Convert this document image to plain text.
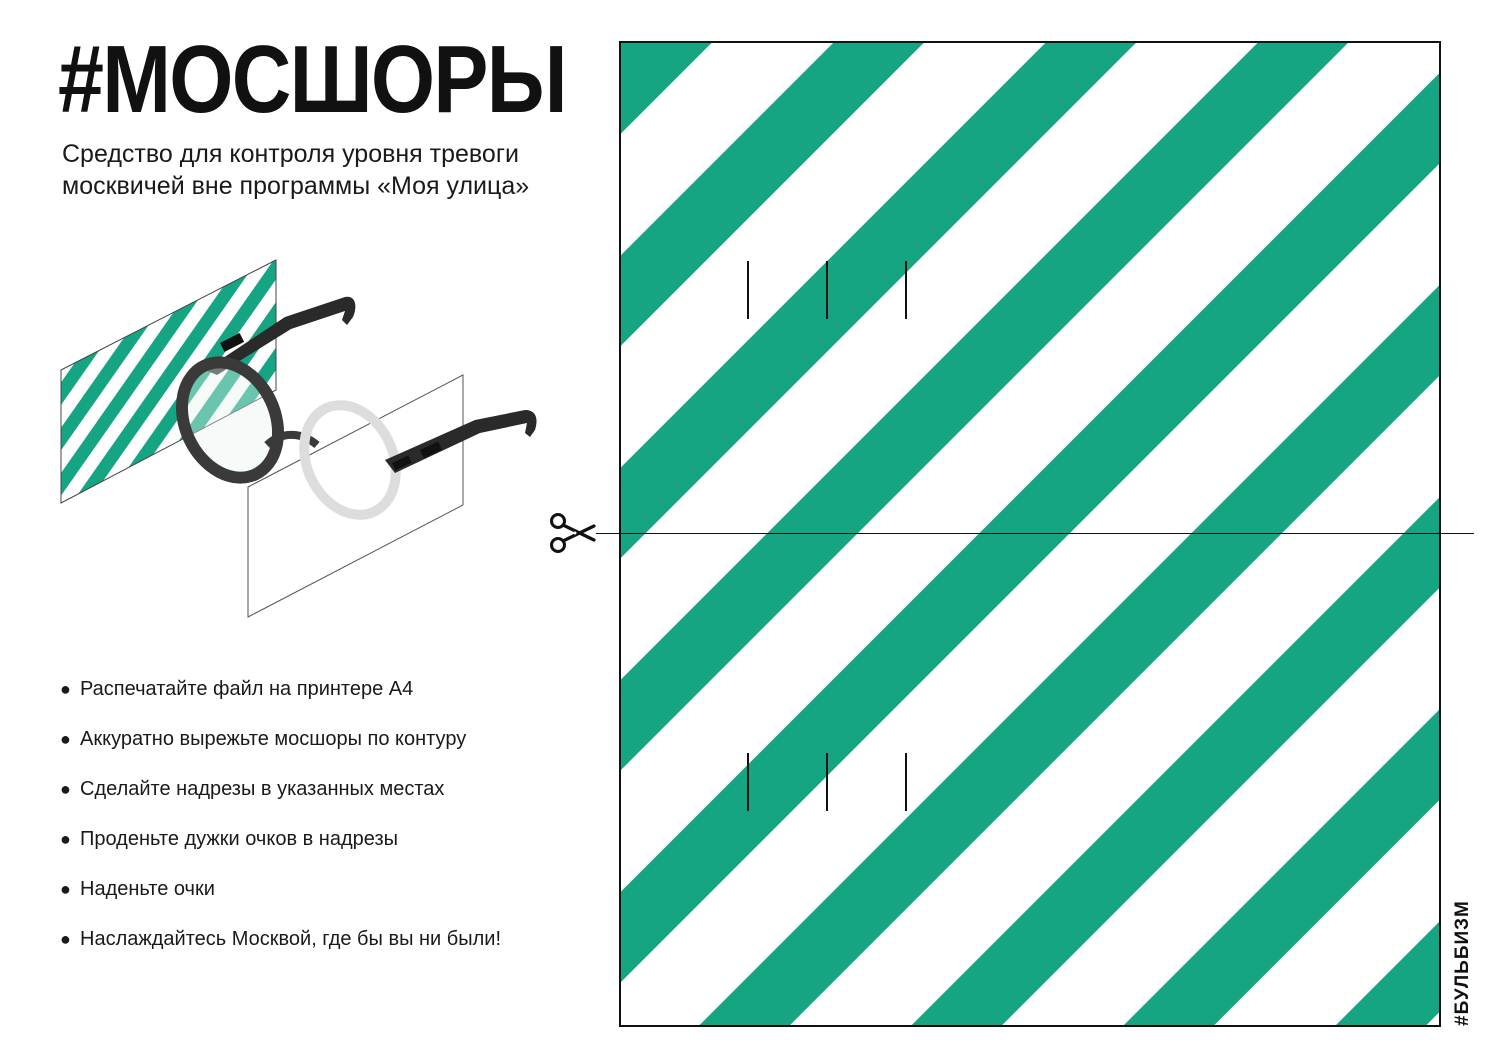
#МОСШОРЫ
Средство для контроля уровня тревоги
москвичей вне программы «Моя улица»
● Распечатайте файл на принтере А4
● Аккуратно вырежьте мосшоры по контуру
● Сделайте надрезы в указанных местах
● Проденьте дужки очков в надрезы
● Наденьте очки
● Наслаждайтесь Москвой, где бы вы ни были!	#БУЛЬБИЗМ
